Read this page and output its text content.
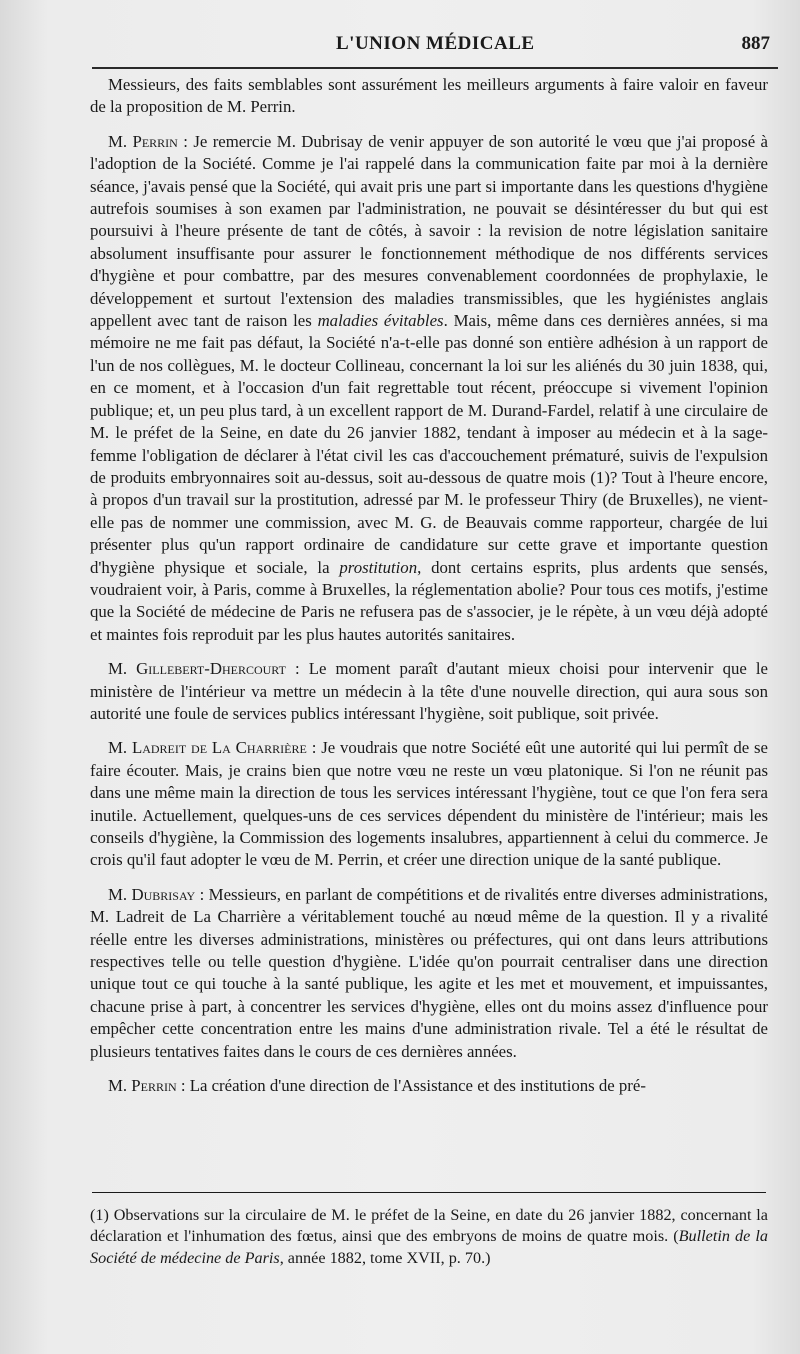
L'UNION MÉDICALE	887

Messieurs, des faits semblables sont assurément les meilleurs arguments à faire valoir en faveur de la proposition de M. Perrin.

M. Perrin : Je remercie M. Dubrisay de venir appuyer de son autorité le vœu que j'ai proposé à l'adoption de la Société. Comme je l'ai rappelé dans la communication faite par moi à la dernière séance, j'avais pensé que la Société, qui avait pris une part si importante dans les questions d'hygiène autrefois soumises à son examen par l'administration, ne pouvait se désintéresser du but qui est poursuivi à l'heure présente de tant de côtés, à savoir : la revision de notre législation sanitaire absolument insuffisante pour assurer le fonctionnement méthodique de nos différents services d'hygiène et pour combattre, par des mesures convenablement coordonnées de prophylaxie, le développement et surtout l'extension des maladies transmissibles, que les hygiénistes anglais appellent avec tant de raison les maladies évitables. Mais, même dans ces dernières années, si ma mémoire ne me fait pas défaut, la Société n'a-t-elle pas donné son entière adhésion à un rapport de l'un de nos collègues, M. le docteur Collineau, concernant la loi sur les aliénés du 30 juin 1838, qui, en ce moment, et à l'occasion d'un fait regrettable tout récent, préoccupe si vivement l'opinion publique; et, un peu plus tard, à un excellent rapport de M. Durand-Fardel, relatif à une circulaire de M. le préfet de la Seine, en date du 26 janvier 1882, tendant à imposer au médecin et à la sage-femme l'obligation de déclarer à l'état civil les cas d'accouchement prématuré, suivis de l'expulsion de produits embryonnaires soit au-dessus, soit au-dessous de quatre mois (1)? Tout à l'heure encore, à propos d'un travail sur la prostitution, adressé par M. le professeur Thiry (de Bruxelles), ne vient-elle pas de nommer une commission, avec M. G. de Beauvais comme rapporteur, chargée de lui présenter plus qu'un rapport ordinaire de candidature sur cette grave et importante question d'hygiène physique et sociale, la prostitution, dont certains esprits, plus ardents que sensés, voudraient voir, à Paris, comme à Bruxelles, la réglementation abolie? Pour tous ces motifs, j'estime que la Société de médecine de Paris ne refusera pas de s'associer, je le répète, à un vœu déjà adopté et maintes fois reproduit par les plus hautes autorités sanitaires.

M. Gillebert-Dhercourt : Le moment paraît d'autant mieux choisi pour intervenir que le ministère de l'intérieur va mettre un médecin à la tête d'une nouvelle direction, qui aura sous son autorité une foule de services publics intéressant l'hygiène, soit publique, soit privée.

M. Ladreit de La Charrière : Je voudrais que notre Société eût une autorité qui lui permît de se faire écouter. Mais, je crains bien que notre vœu ne reste un vœu platonique. Si l'on ne réunit pas dans une même main la direction de tous les services intéressant l'hygiène, tout ce que l'on fera sera inutile. Actuellement, quelques-uns de ces services dépendent du ministère de l'intérieur; mais les conseils d'hygiène, la Commission des logements insalubres, appartiennent à celui du commerce. Je crois qu'il faut adopter le vœu de M. Perrin, et créer une direction unique de la santé publique.

M. Dubrisay : Messieurs, en parlant de compétitions et de rivalités entre diverses administrations, M. Ladreit de La Charrière a véritablement touché au nœud même de la question. Il y a rivalité réelle entre les diverses administrations, ministères ou préfectures, qui ont dans leurs attributions respectives telle ou telle question d'hygiène. L'idée qu'on pourrait centraliser dans une direction unique tout ce qui touche à la santé publique, les agite et les met et mouvement, et impuissantes, chacune prise à part, à concentrer les services d'hygiène, elles ont du moins assez d'influence pour empêcher cette concentration entre les mains d'une administration rivale. Tel a été le résultat de plusieurs tentatives faites dans le cours de ces dernières années.

M. Perrin : La création d'une direction de l'Assistance et des institutions de pré-

(1) Observations sur la circulaire de M. le préfet de la Seine, en date du 26 janvier 1882, concernant la déclaration et l'inhumation des fœtus, ainsi que des embryons de moins de quatre mois. (Bulletin de la Société de médecine de Paris, année 1882, tome XVII, p. 70.)
